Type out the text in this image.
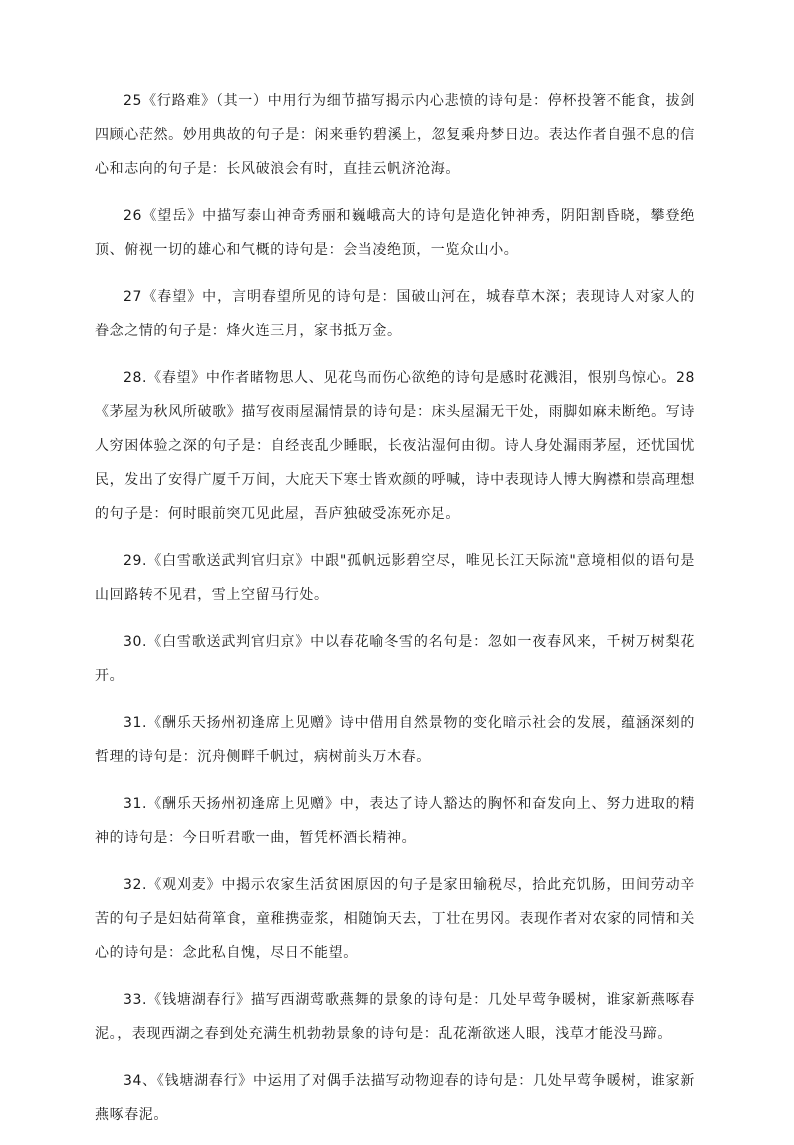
25《行路难》（其一）中用行为细节描写揭示内心悲愤的诗句是：停杯投箸不能食，拔剑四顾心茫然。妙用典故的句子是：闲来垂钓碧溪上，忽复乘舟梦日边。表达作者自强不息的信心和志向的句子是：长风破浪会有时，直挂云帆济沧海。

26《望岳》中描写泰山神奇秀丽和巍峨高大的诗句是造化钟神秀，阴阳割昏晓，攀登绝顶、俯视一切的雄心和气概的诗句是：会当凌绝顶，一览众山小。

27《春望》中，言明春望所见的诗句是：国破山河在，城春草木深；表现诗人对家人的眷念之情的句子是：烽火连三月，家书抵万金。

28.《春望》中作者睹物思人、见花鸟而伤心欲绝的诗句是感时花溅泪，恨别鸟惊心。28《茅屋为秋风所破歌》描写夜雨屋漏情景的诗句是：床头屋漏无干处，雨脚如麻未断绝。写诗人穷困体验之深的句子是：自经丧乱少睡眠，长夜沾湿何由彻。诗人身处漏雨茅屋，还忧国忧民，发出了安得广厦千万间，大庇天下寒士皆欢颜的呼喊，诗中表现诗人博大胸襟和崇高理想的句子是：何时眼前突兀见此屋，吾庐独破受冻死亦足。

29.《白雪歌送武判官归京》中跟"孤帆远影碧空尽，唯见长江天际流"意境相似的语句是山回路转不见君，雪上空留马行处。

30.《白雪歌送武判官归京》中以春花喻冬雪的名句是：忽如一夜春风来，千树万树梨花开。

31.《酬乐天扬州初逢席上见赠》诗中借用自然景物的变化暗示社会的发展，蕴涵深刻的哲理的诗句是：沉舟侧畔千帆过，病树前头万木春。

31.《酬乐天扬州初逢席上见赠》中，表达了诗人豁达的胸怀和奋发向上、努力进取的精神的诗句是：今日听君歌一曲，暂凭杯酒长精神。

32.《观刈麦》中揭示农家生活贫困原因的句子是家田输税尽，拾此充饥肠，田间劳动辛苦的句子是妇姑荷箪食，童稚携壶浆，相随饷天去，丁壮在男冈。表现作者对农家的同情和关心的诗句是：念此私自愧，尽日不能望。

33.《钱塘湖春行》描写西湖莺歌燕舞的景象的诗句是：几处早莺争暖树，谁家新燕啄春泥。，表现西湖之春到处充满生机勃勃景象的诗句是：乱花渐欲迷人眼，浅草才能没马蹄。

34、《钱塘湖春行》中运用了对偶手法描写动物迎春的诗句是：几处早莺争暖树，谁家新燕啄春泥。
